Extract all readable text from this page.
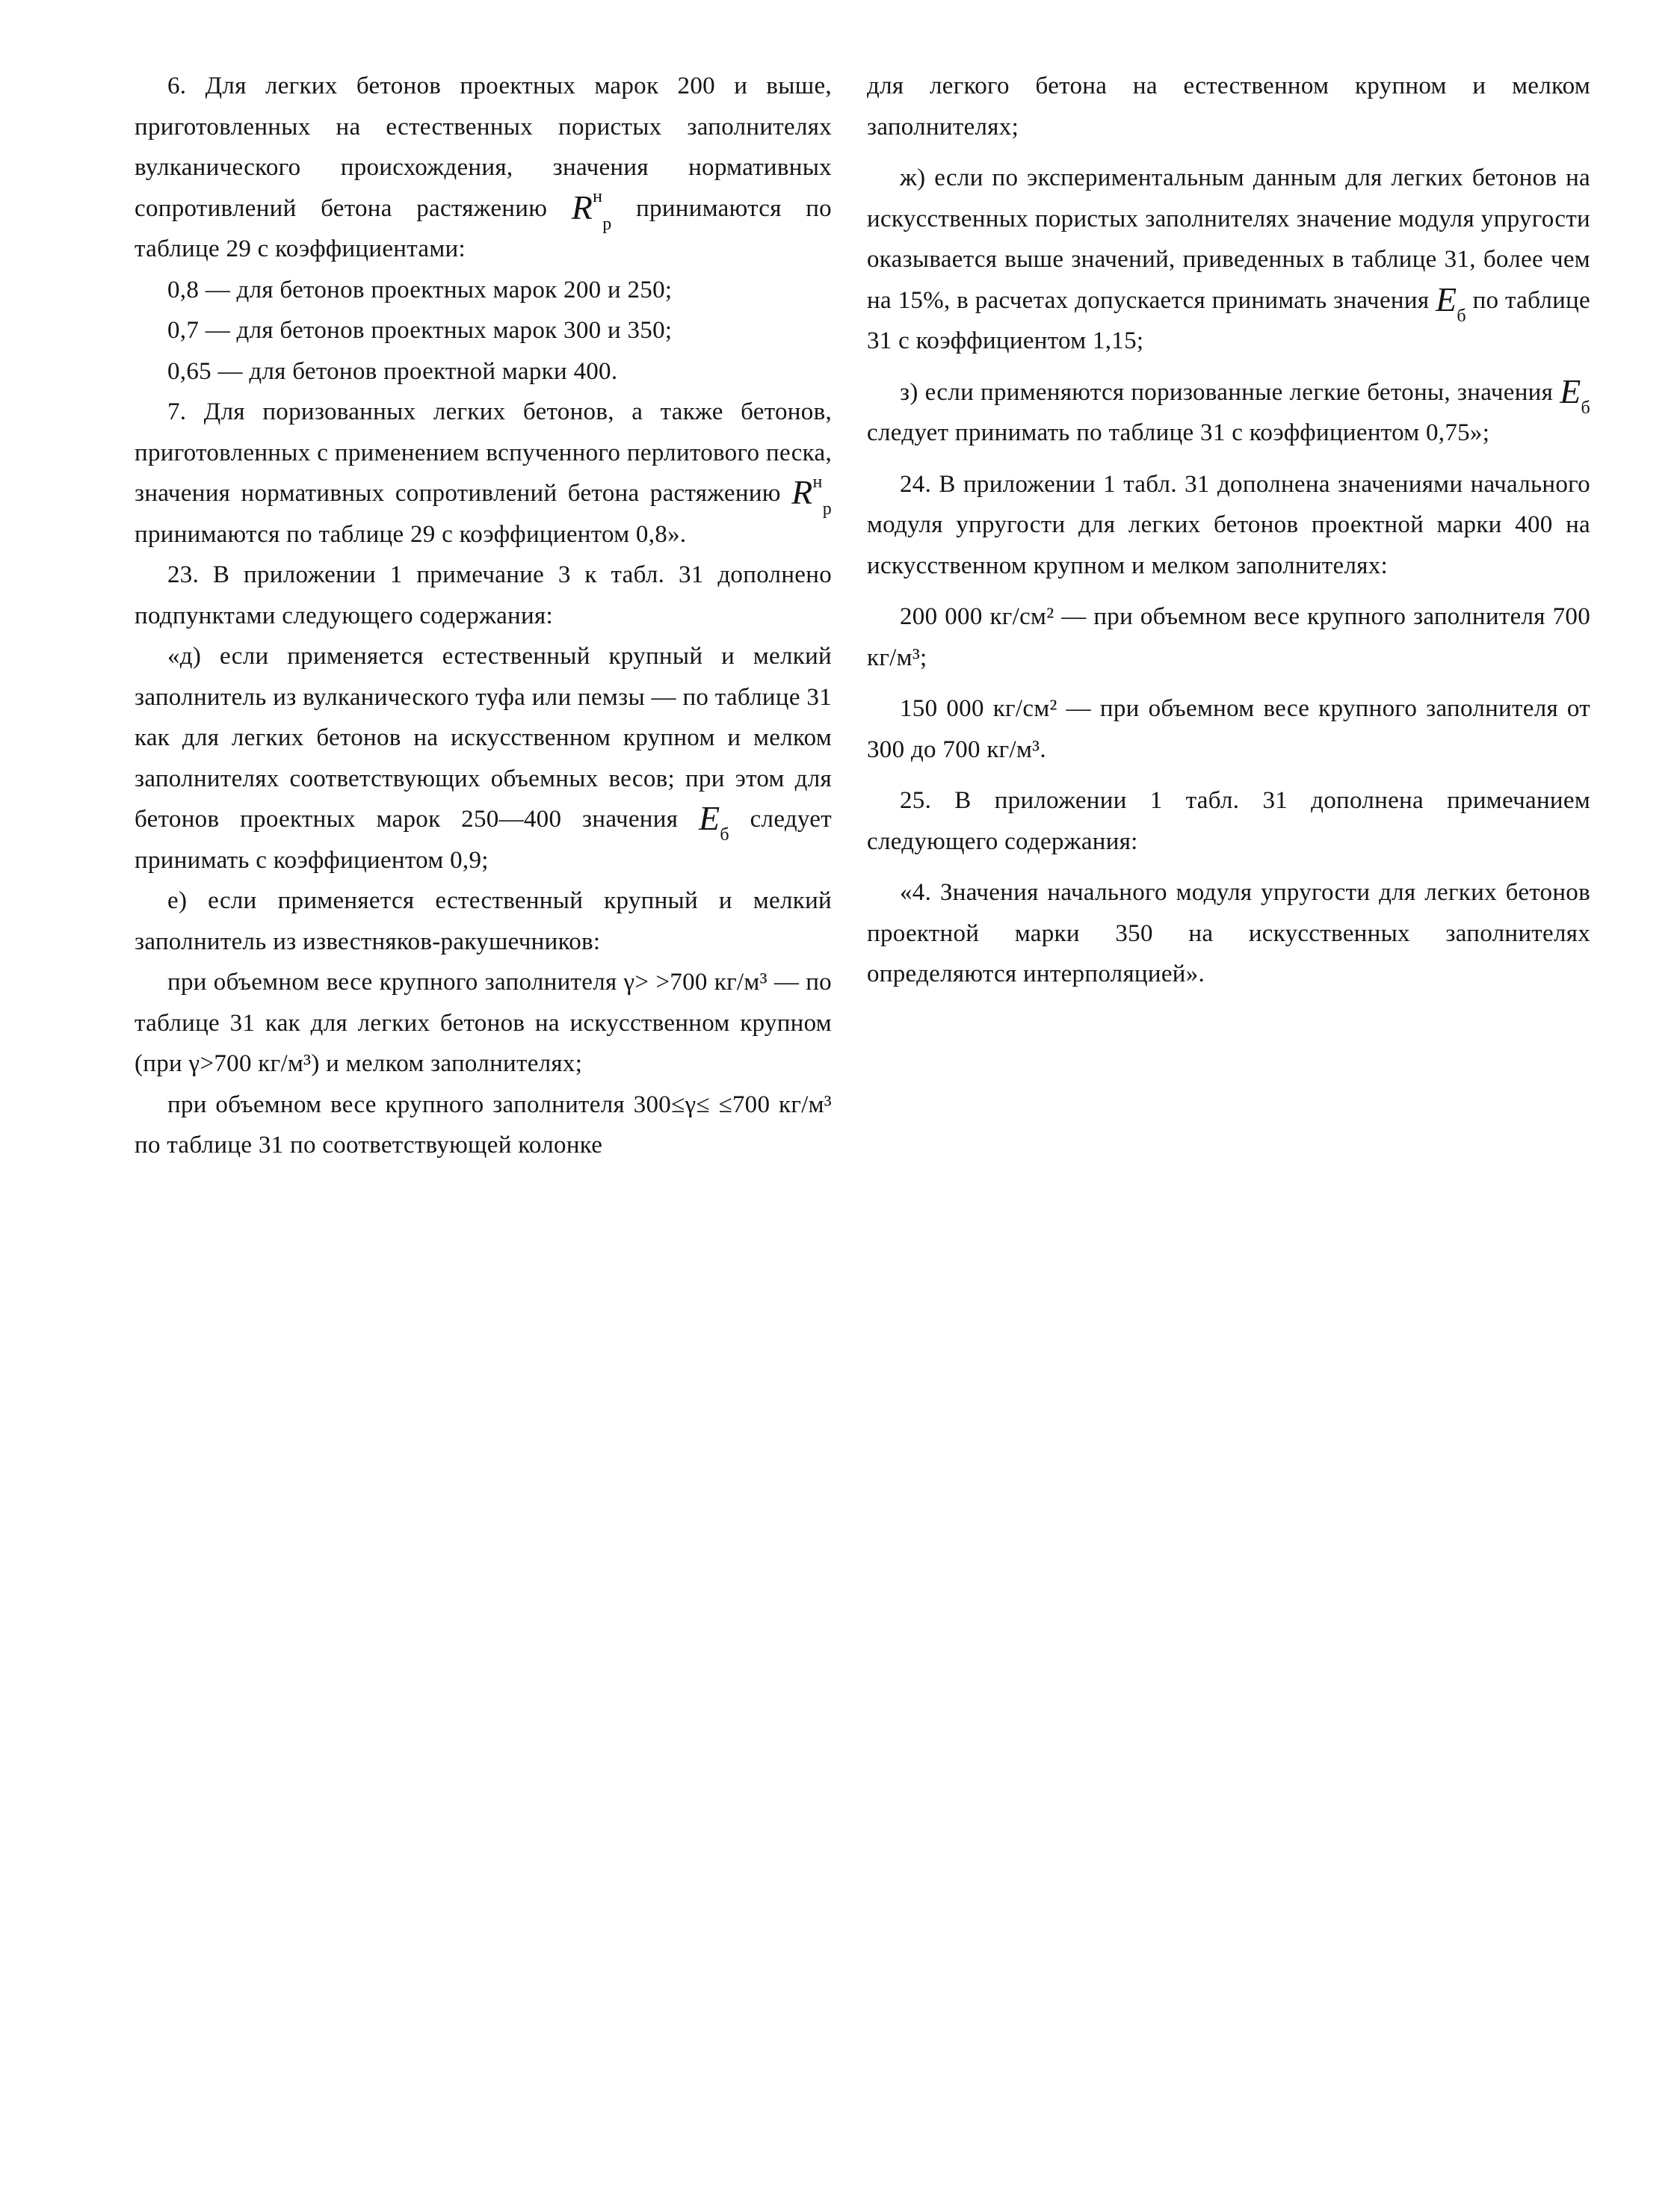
6. Для легких бетонов проектных марок 200 и выше, приготовленных на естественных пористых заполнителях вулканического происхождения, значения нормативных сопротивлений бетона растяжению $R^н_р$ принимаются по таблице 29 с коэффициентами:

0,8 — для бетонов проектных марок 200 и 250;

0,7 — для бетонов проектных марок 300 и 350;

0,65 — для бетонов проектной марки 400.

7. Для поризованных легких бетонов, а также бетонов, приготовленных с применением вспученного перлитового песка, значения нормативных сопротивлений бетона растяжению $R^н_р$ принимаются по таблице 29 с коэффициентом 0,8».

23. В приложении 1 примечание 3 к табл. 31 дополнено подпунктами следующего содержания:

«д) если применяется естественный крупный и мелкий заполнитель из вулканического туфа или пемзы — по таблице 31 как для легких бетонов на искусственном крупном и мелком заполнителях соответствующих объемных весов; при этом для бетонов проектных марок 250—400 значения $E_б$ следует принимать с коэффициентом 0,9;

е) если применяется естественный крупный и мелкий заполнитель из известняков-ракушечников:

при объемном весе крупного заполнителя γ> >700 кг/м³ — по таблице 31 как для легких бетонов на искусственном крупном (при γ>700 кг/м³) и мелком заполнителях;

при объемном весе крупного заполнителя 300≤γ≤ ≤700 кг/м³ по таблице 31 по соответствующей колонке

для легкого бетона на естественном крупном и мелком заполнителях;

ж) если по экспериментальным данным для легких бетонов на искусственных пористых заполнителях значение модуля упругости оказывается выше значений, приведенных в таблице 31, более чем на 15%, в расчетах допускается принимать значения $E_б$ по таблице 31 с коэффициентом 1,15;

з) если применяются поризованные легкие бетоны, значения $E_б$ следует принимать по таблице 31 с коэффициентом 0,75»;

24. В приложении 1 табл. 31 дополнена значениями начального модуля упругости для легких бетонов проектной марки 400 на искусственном крупном и мелком заполнителях:

200 000 кг/см² — при объемном весе крупного заполнителя 700 кг/м³;

150 000 кг/см² — при объемном весе крупного заполнителя от 300 до 700 кг/м³.

25. В приложении 1 табл. 31 дополнена примечанием следующего содержания:

«4. Значения начального модуля упругости для легких бетонов проектной марки 350 на искусственных заполнителях определяются интерполяцией».
